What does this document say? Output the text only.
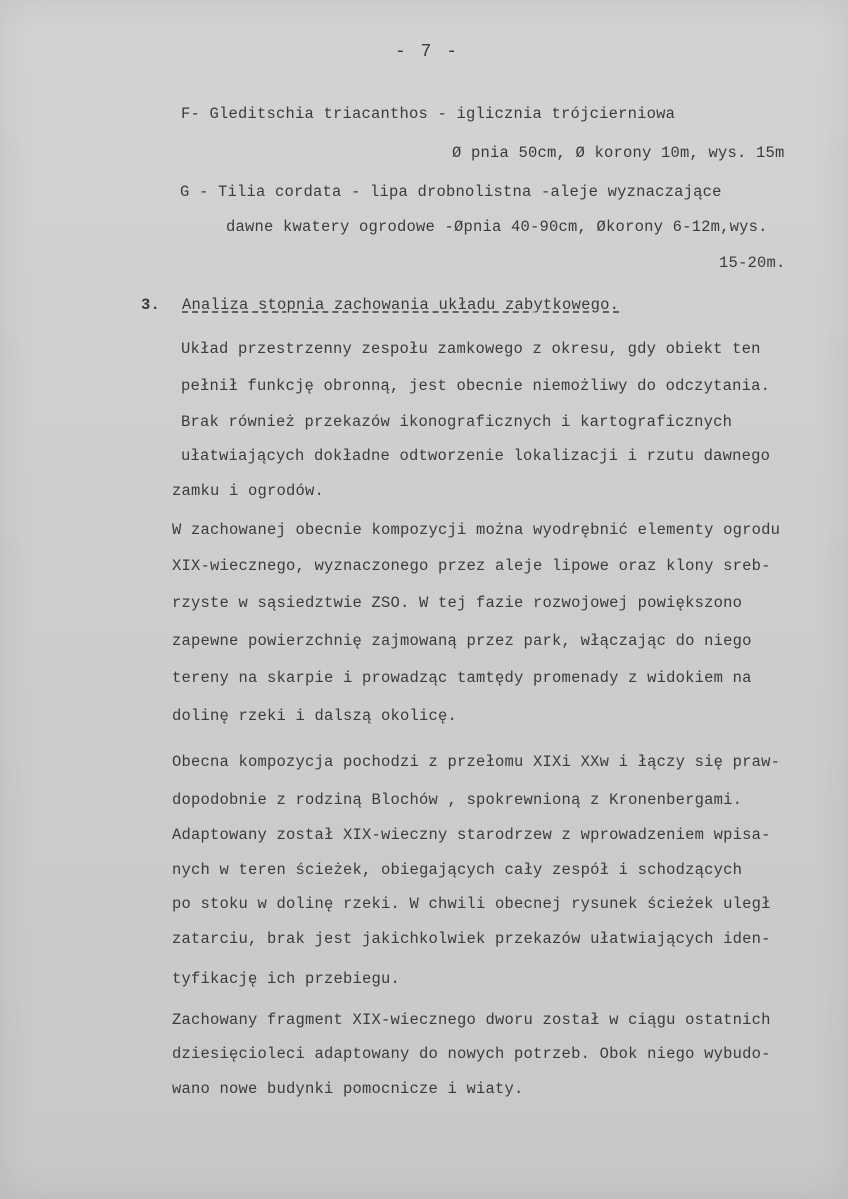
- 7 -
F- Gleditschia triacanthos - iglicznia trójcierniowa
Ø pnia 50cm, Ø korony 10m, wys. 15m
G - Tilia cordata - lipa drobnolistna -aleje wyznaczające
dawne kwatery ogrodowe -Øpnia 40-90cm, Økorony 6-12m,wys.
15-20m.
3. Analiza stopnia zachowania układu zabytkowego.
Układ przestrzenny zespołu zamkowego z okresu, gdy obiekt ten
pełnił funkcję obronną, jest obecnie niemożliwy do odczytania.
Brak również przekazów ikonograficznych i kartograficznych
ułatwiających dokładne odtworzenie lokalizacji i rzutu dawnego
zamku i ogrodów.
W zachowanej obecnie kompozycji można wyodrębnić elementy ogrodu
XIX-wiecznego, wyznaczonego przez aleje lipowe oraz klony sreb-
rzyste w sąsiedztwie ZSO. W tej fazie rozwojowej powiększono
zapewne powierzchnię zajmowaną przez park, włączając do niego
tereny na skarpie i prowadząc tamtędy promenady z widokiem na
dolinę rzeki i dalszą okolicę.
Obecna kompozycja pochodzi z przełomu XIXi XXw i łączy się praw-
dopodobnie z rodziną Blochów , spokrewnioną z Kronenbergami.
Adaptowany został XIX-wieczny starodrzew z wprowadzeniem wpisa-
nych w teren ścieżek, obiegających cały zespół i schodzących
po stoku w dolinę rzeki. W chwili obecnej rysunek ścieżek uległ
zatarciu, brak jest jakichkolwiek przekazów ułatwiających iden-
tyfikację ich przebiegu.
Zachowany fragment XIX-wiecznego dworu został w ciągu ostatnich
dziesięcioleci adaptowany do nowych potrzeb. Obok niego wybudo-
wano nowe budynki pomocnicze i wiaty.
